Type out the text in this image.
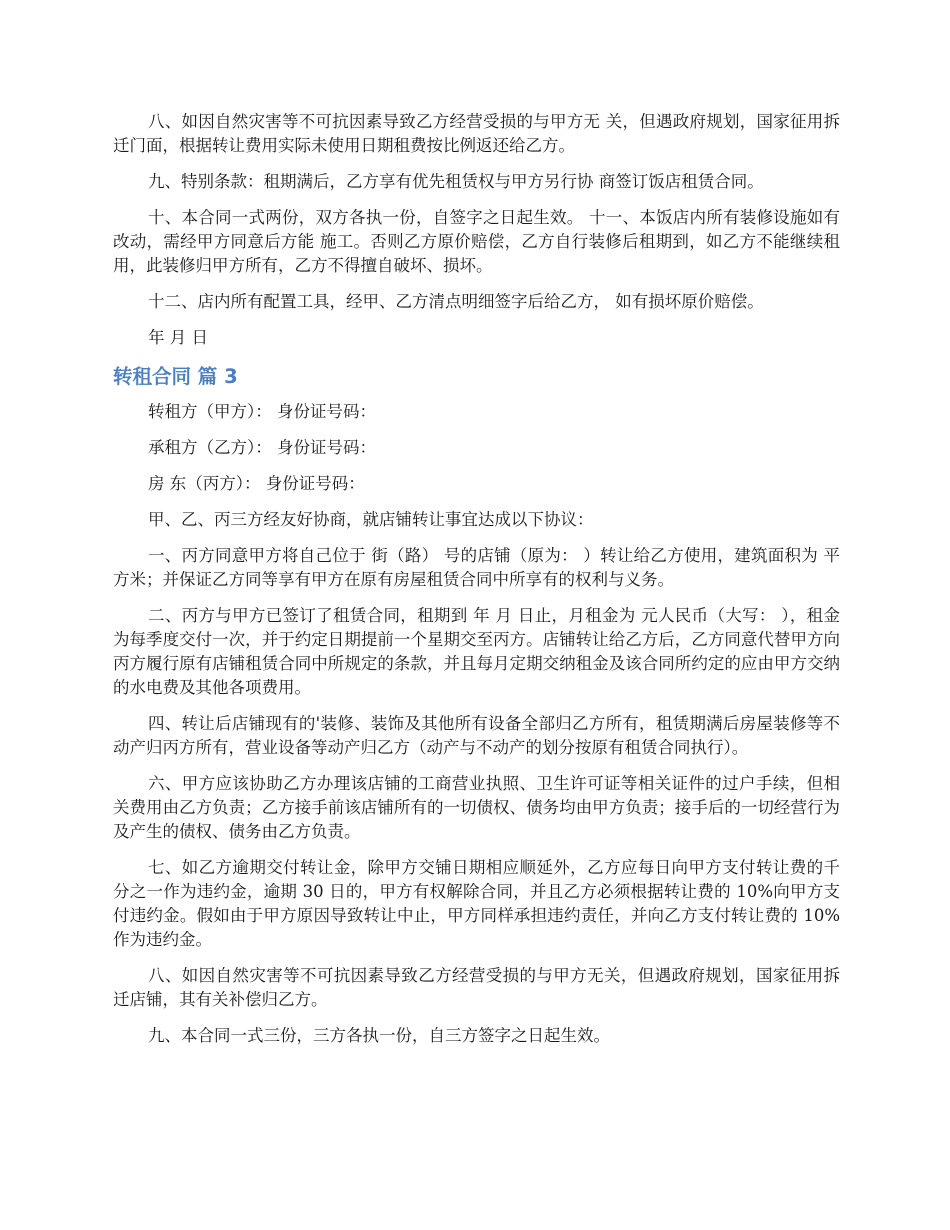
八、如因自然灾害等不可抗因素导致乙方经营受损的与甲方无 关，但遇政府规划，国家征用拆迁门面，根据转让费用实际未使用日期租费按比例返还给乙方。

九、特别条款：租期满后，乙方享有优先租赁权与甲方另行协 商签订饭店租赁合同。

十、本合同一式两份，双方各执一份，自签字之日起生效。 十一、本饭店内所有装修设施如有改动，需经甲方同意后方能 施工。否则乙方原价赔偿，乙方自行装修后租期到，如乙方不能继续租用，此装修归甲方所有，乙方不得擅自破坏、损坏。

十二、店内所有配置工具，经甲、乙方清点明细签字后给乙方， 如有损坏原价赔偿。

年 月 日

转租合同 篇 3

转租方（甲方）： 身份证号码：

承租方（乙方）： 身份证号码：

房 东（丙方）： 身份证号码：

甲、乙、丙三方经友好协商，就店铺转让事宜达成以下协议：

一、丙方同意甲方将自己位于 街（路） 号的店铺（原为： ）转让给乙方使用，建筑面积为 平方米；并保证乙方同等享有甲方在原有房屋租赁合同中所享有的权利与义务。

二、丙方与甲方已签订了租赁合同，租期到 年 月 日止，月租金为 元人民币（大写： ），租金为每季度交付一次，并于约定日期提前一个星期交至丙方。店铺转让给乙方后，乙方同意代替甲方向丙方履行原有店铺租赁合同中所规定的条款，并且每月定期交纳租金及该合同所约定的应由甲方交纳的水电费及其他各项费用。

四、转让后店铺现有的'装修、装饰及其他所有设备全部归乙方所有，租赁期满后房屋装修等不动产归丙方所有，营业设备等动产归乙方（动产与不动产的划分按原有租赁合同执行）。

六、甲方应该协助乙方办理该店铺的工商营业执照、卫生许可证等相关证件的过户手续，但相关费用由乙方负责；乙方接手前该店铺所有的一切债权、债务均由甲方负责；接手后的一切经营行为及产生的债权、债务由乙方负责。

七、如乙方逾期交付转让金，除甲方交铺日期相应顺延外，乙方应每日向甲方支付转让费的千分之一作为违约金，逾期 30 日的，甲方有权解除合同，并且乙方必须根据转让费的 10%向甲方支付违约金。假如由于甲方原因导致转让中止，甲方同样承担违约责任，并向乙方支付转让费的 10%作为违约金。

八、如因自然灾害等不可抗因素导致乙方经营受损的与甲方无关，但遇政府规划，国家征用拆迁店铺，其有关补偿归乙方。

九、本合同一式三份，三方各执一份，自三方签字之日起生效。
